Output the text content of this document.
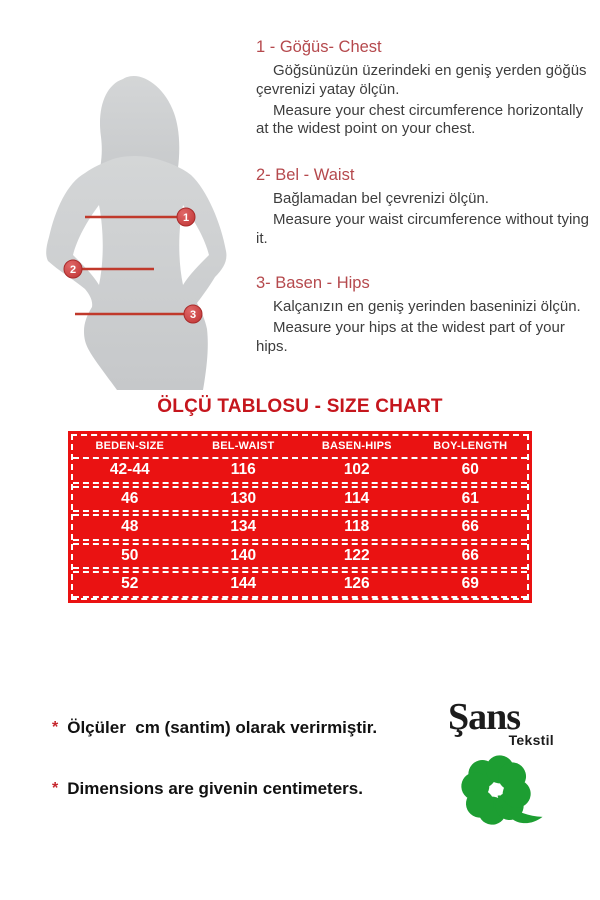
1
2
3
1 - Göğüs- Chest

Göğsünüzün üzerindeki en geniş yerden göğüs çevrenizi yatay ölçün.

Measure your chest circumference horizontally at the widest point on your chest.

2- Bel - Waist

Bağlamadan bel çevrenizi ölçün.

Measure your waist circumference without tying it.

3- Basen - Hips

Kalçanızın en geniş yerinden baseninizi ölçün.

Measure your hips at the widest part of your hips.

ÖLÇÜ TABLOSU - SIZE CHART
BEDEN-SIZE	BEL-WAIST	BASEN-HIPS	BOY-LENGTH
42-44	116	102	60
46	130	114	61
48	134	118	66
50	140	122	66
52	144	126	69
* Ölçüler  cm (santim) olarak verirmiştir.
* Dimensions are givenin centimeters.
Şans
Tekstil
